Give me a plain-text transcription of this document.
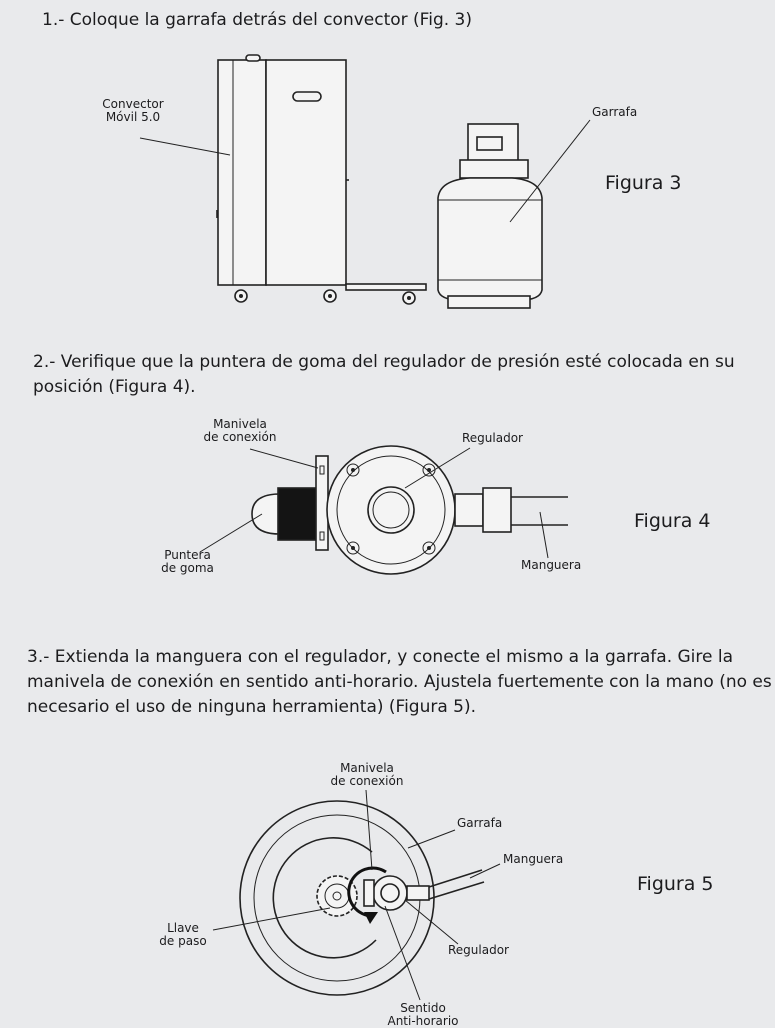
1.- Coloque la garrafa detrás del convector (Fig. 3)

2.- Verifique que la puntera de goma del regulador de presión esté colocada en su posición (Figura 4).

3.- Extienda la manguera con el regulador, y conecte el mismo a la garrafa. Gire la manivela de conexión en sentido anti-horario. Ajustela fuertemente con la mano (no es necesario el uso de ninguna herramienta) (Figura 5).

Convector
Móvil 5.0	Garrafa
Figura 3
Manivela
de conexión	Regulador
Puntera
de goma	Manguera
Figura 4
Manivela
de conexión
Garrafa
Manguera
Llave
de paso
Regulador
Sentido
Anti-horario
Figura 5
